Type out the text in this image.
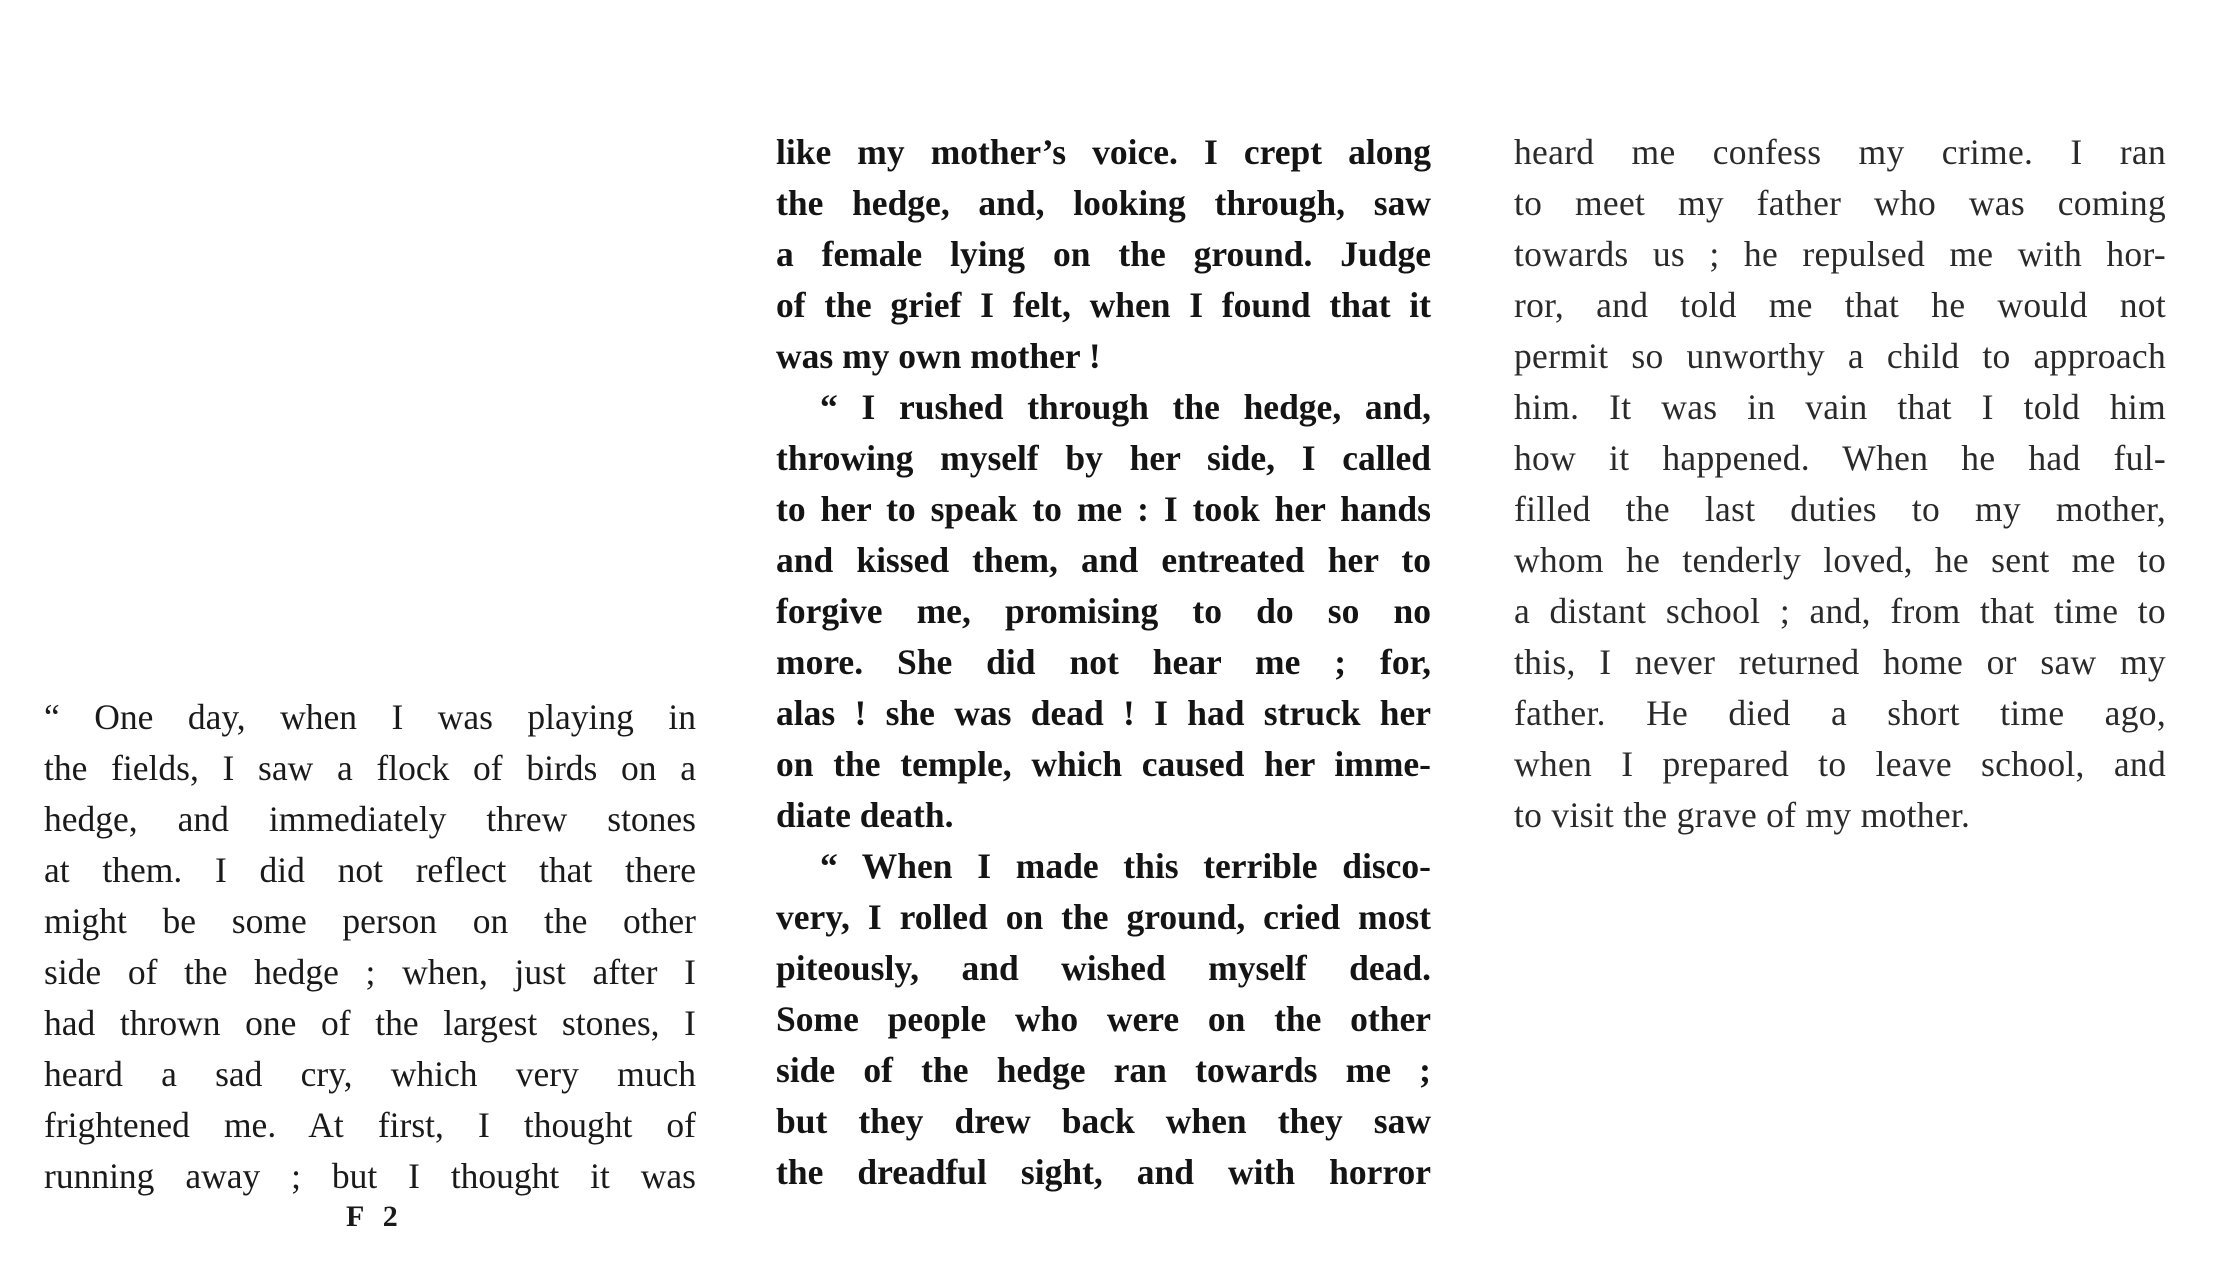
“ One day, when I was playing in
the fields, I saw a flock of birds on a
hedge, and immediately threw stones
at them. I did not reflect that there
might be some person on the other
side of the hedge ; when, just after I
had thrown one of the largest stones, I
heard a sad cry, which very much
frightened me. At first, I thought of
running away ; but I thought it was
like my mother’s voice. I crept along
the hedge, and, looking through, saw
a female lying on the ground. Judge
of the grief I felt, when I found that it
was my own mother !
“ I rushed through the hedge, and,
throwing myself by her side, I called
to her to speak to me : I took her hands
and kissed them, and entreated her to
forgive me, promising to do so no
more. She did not hear me ; for,
alas ! she was dead ! I had struck her
on the temple, which caused her imme-
diate death.
“ When I made this terrible disco-
very, I rolled on the ground, cried most
piteously, and wished myself dead.
Some people who were on the other
side of the hedge ran towards me ;
but they drew back when they saw
the dreadful sight, and with horror
heard me confess my crime. I ran
to meet my father who was coming
towards us ; he repulsed me with hor-
ror, and told me that he would not
permit so unworthy a child to approach
him. It was in vain that I told him
how it happened. When he had ful-
filled the last duties to my mother,
whom he tenderly loved, he sent me to
a distant school ; and, from that time to
this, I never returned home or saw my
father. He died a short time ago,
when I prepared to leave school, and
to visit the grave of my mother.
F 2
